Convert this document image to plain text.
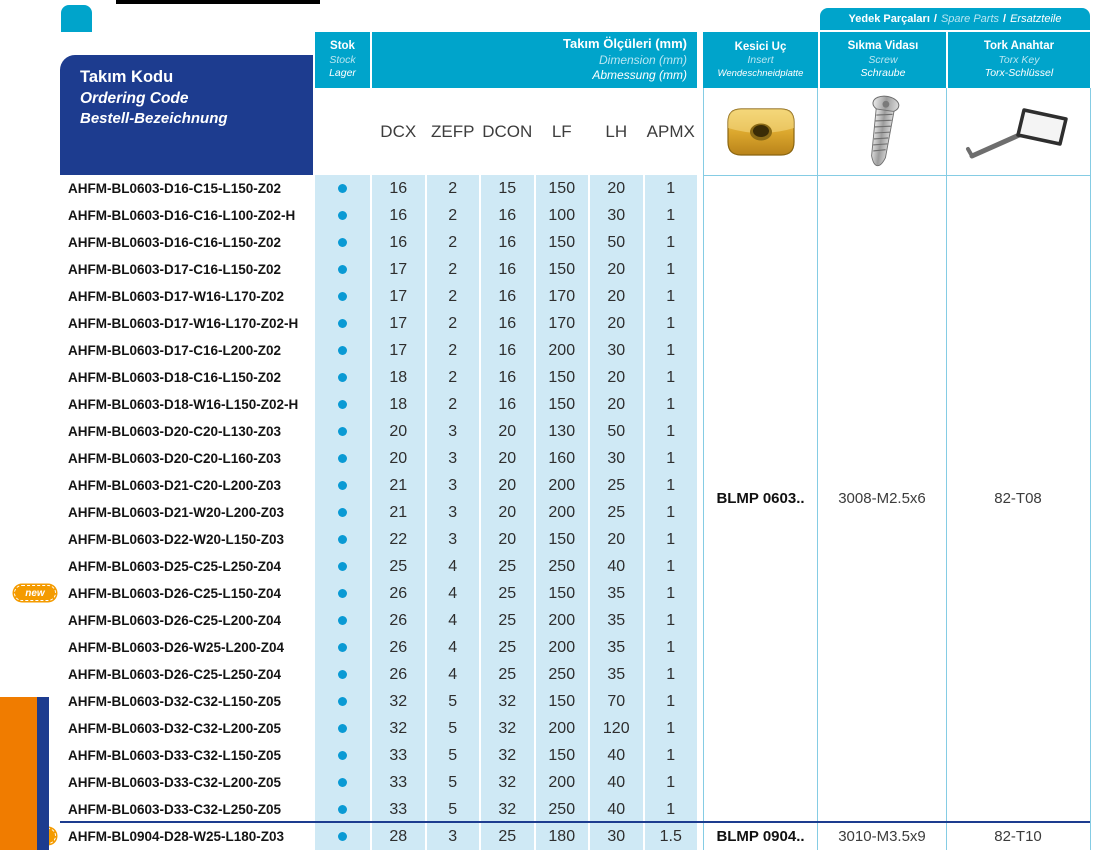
Yedek Parçaları / Spare Parts / Ersatzteile
Takım Kodu
Ordering Code
Bestell-Bezeichnung
Stok
Stock
Lager
Takım Ölçüleri (mm)
Dimension (mm)
Abmessung (mm)
Kesici Uç
Insert
Wendeschneidplatte
Sıkma Vidası
Screw
Schraube
Tork Anahtar
Torx Key
Torx-Schlüssel
DCX ZEFP DCON	LF	LH	APMX
AHFM-BL0603-D16-C15-L150-Z02	16	2	15	150	20	1
AHFM-BL0603-D16-C16-L100-Z02-H	16	2	16	100	30	1
AHFM-BL0603-D16-C16-L150-Z02	16	2	16	150	50	1
AHFM-BL0603-D17-C16-L150-Z02	17	2	16	150	20	1
AHFM-BL0603-D17-W16-L170-Z02	17	2	16	170	20	1
AHFM-BL0603-D17-W16-L170-Z02-H	17	2	16	170	20	1
AHFM-BL0603-D17-C16-L200-Z02	17	2	16	200	30	1
AHFM-BL0603-D18-C16-L150-Z02	18	2	16	150	20	1
AHFM-BL0603-D18-W16-L150-Z02-H	18	2	16	150	20	1
AHFM-BL0603-D20-C20-L130-Z03	20	3	20	130	50	1
AHFM-BL0603-D20-C20-L160-Z03	20	3	20	160	30	1
AHFM-BL0603-D21-C20-L200-Z03	21	3	20	200	25	1
AHFM-BL0603-D21-W20-L200-Z03	21	3	20	200	25	1
AHFM-BL0603-D22-W20-L150-Z03	22	3	20	150	20	1
AHFM-BL0603-D25-C25-L250-Z04	25	4	25	250	40	1
new	AHFM-BL0603-D26-C25-L150-Z04	26	4	25	150	35	1
AHFM-BL0603-D26-C25-L200-Z04	26	4	25	200	35	1
AHFM-BL0603-D26-W25-L200-Z04	26	4	25	200	35	1
AHFM-BL0603-D26-C25-L250-Z04	26	4	25	250	35	1
AHFM-BL0603-D32-C32-L150-Z05	32	5	32	150	70	1
AHFM-BL0603-D32-C32-L200-Z05	32	5	32	200	120	1
AHFM-BL0603-D33-C32-L150-Z05	33	5	32	150	40	1
AHFM-BL0603-D33-C32-L200-Z05	33	5	32	200	40	1
AHFM-BL0603-D33-C32-L250-Z05	33	5	32	250	40	1
AHFM-BL0904-D28-W25-L180-Z03	28	3	25	180	30	1.5
BLMP 0603..	3008-M2.5x6	82-T08
BLMP 0904..	3010-M3.5x9	82-T10
